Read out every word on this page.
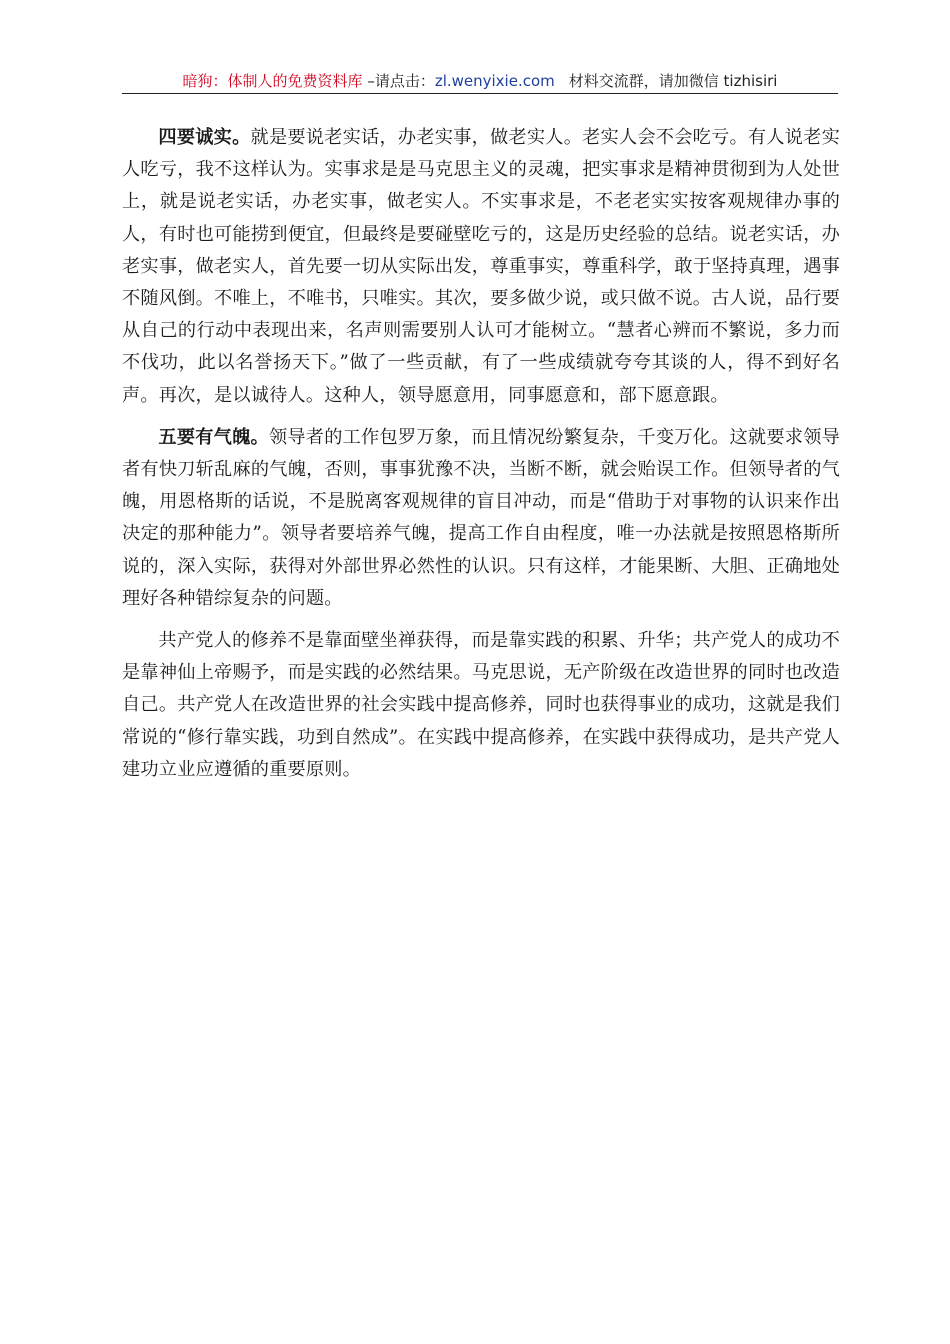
暗狗：体制人的免费资料库 –请点击：zl.wenyixie.com 材料交流群，请加微信 tizhisiri

四要诚实。就是要说老实话，办老实事，做老实人。老实人会不会吃亏。有人说老实人吃亏，我不这样认为。实事求是是马克思主义的灵魂，把实事求是精神贯彻到为人处世上，就是说老实话，办老实事，做老实人。不实事求是，不老老实实按客观规律办事的人，有时也可能捞到便宜，但最终是要碰壁吃亏的，这是历史经验的总结。说老实话，办老实事，做老实人，首先要一切从实际出发，尊重事实，尊重科学，敢于坚持真理，遇事不随风倒。不唯上，不唯书，只唯实。其次，要多做少说，或只做不说。古人说，品行要从自己的行动中表现出来，名声则需要别人认可才能树立。“慧者心辨而不繁说，多力而不伐功，此以名誉扬天下。”做了一些贡献，有了一些成绩就夸夸其谈的人，得不到好名声。再次，是以诚待人。这种人，领导愿意用，同事愿意和，部下愿意跟。

五要有气魄。领导者的工作包罗万象，而且情况纷繁复杂，千变万化。这就要求领导者有快刀斩乱麻的气魄，否则，事事犹豫不决，当断不断，就会贻误工作。但领导者的气魄，用恩格斯的话说，不是脱离客观规律的盲目冲动，而是“借助于对事物的认识来作出决定的那种能力”。领导者要培养气魄，提高工作自由程度，唯一办法就是按照恩格斯所说的，深入实际，获得对外部世界必然性的认识。只有这样，才能果断、大胆、正确地处理好各种错综复杂的问题。

共产党人的修养不是靠面壁坐禅获得，而是靠实践的积累、升华；共产党人的成功不是靠神仙上帝赐予，而是实践的必然结果。马克思说，无产阶级在改造世界的同时也改造自己。共产党人在改造世界的社会实践中提高修养，同时也获得事业的成功，这就是我们常说的“修行靠实践，功到自然成”。在实践中提高修养，在实践中获得成功，是共产党人建功立业应遵循的重要原则。
